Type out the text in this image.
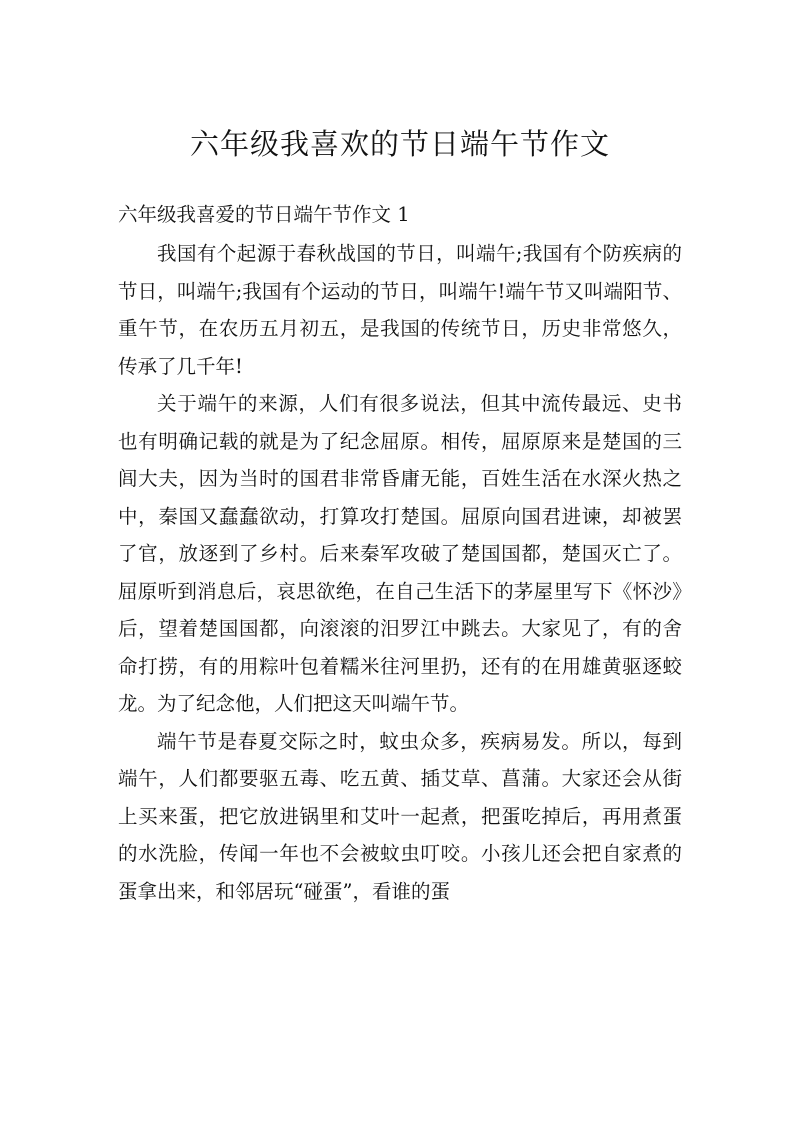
六年级我喜欢的节日端午节作文
六年级我喜爱的节日端午节作文 1

我国有个起源于春秋战国的节日，叫端午;我国有个防疾病的节日，叫端午;我国有个运动的节日，叫端午!端午节又叫端阳节、重午节，在农历五月初五，是我国的传统节日，历史非常悠久，传承了几千年!

关于端午的来源，人们有很多说法，但其中流传最远、史书也有明确记载的就是为了纪念屈原。相传，屈原原来是楚国的三闾大夫，因为当时的国君非常昏庸无能，百姓生活在水深火热之中，秦国又蠢蠢欲动，打算攻打楚国。屈原向国君进谏，却被罢了官，放逐到了乡村。后来秦军攻破了楚国国都，楚国灭亡了。屈原听到消息后，哀思欲绝，在自己生活下的茅屋里写下《怀沙》后，望着楚国国都，向滚滚的汨罗江中跳去。大家见了，有的舍命打捞，有的用粽叶包着糯米往河里扔，还有的在用雄黄驱逐蛟龙。为了纪念他，人们把这天叫端午节。

端午节是春夏交际之时，蚊虫众多，疾病易发。所以，每到端午，人们都要驱五毒、吃五黄、插艾草、菖蒲。大家还会从街上买来蛋，把它放进锅里和艾叶一起煮，把蛋吃掉后，再用煮蛋的水洗脸，传闻一年也不会被蚊虫叮咬。小孩儿还会把自家煮的蛋拿出来，和邻居玩“碰蛋”，看谁的蛋
